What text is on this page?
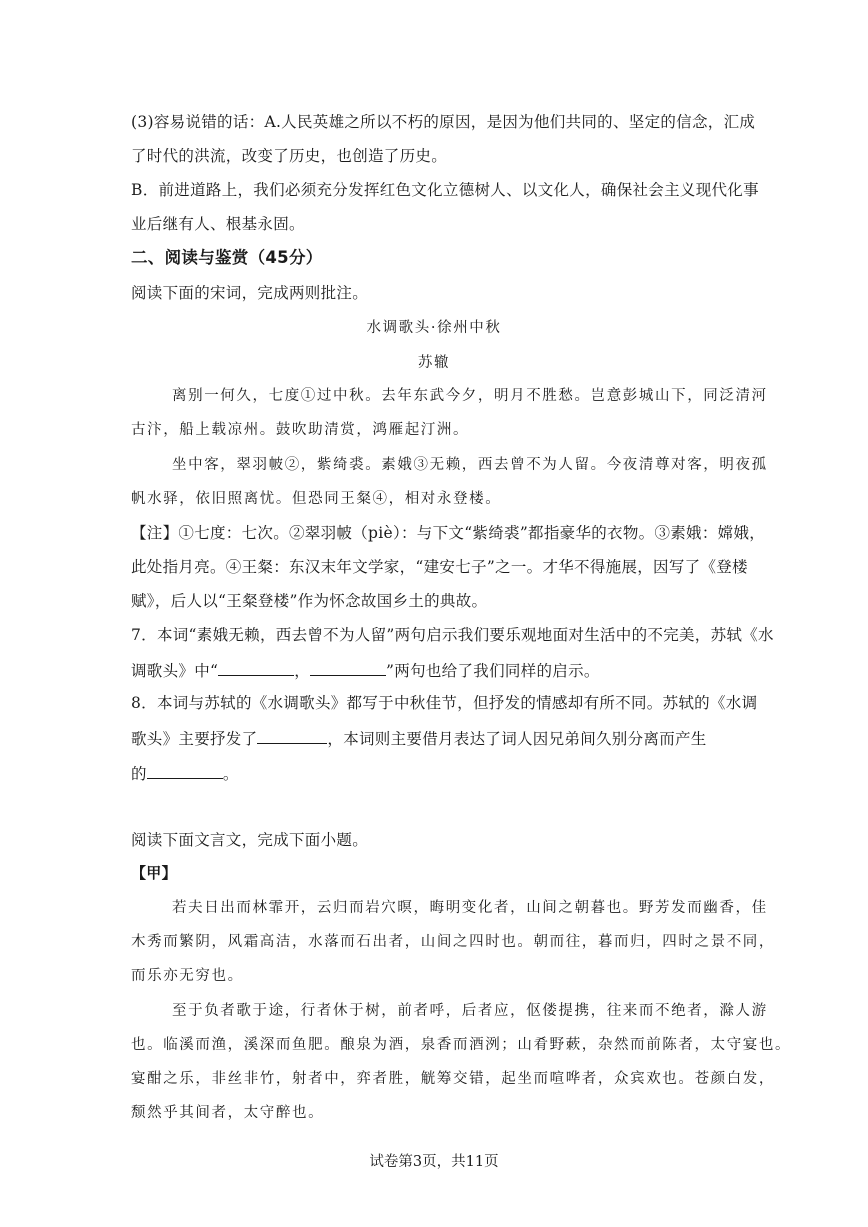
(3)容易说错的话：A.人民英雄之所以不朽的原因，是因为他们共同的、坚定的信念，汇成
了时代的洪流，改变了历史，也创造了历史。
B．前进道路上，我们必须充分发挥红色文化立德树人、以文化人，确保社会主义现代化事
业后继有人、根基永固。
二、阅读与鉴赏（45分）
阅读下面的宋词，完成两则批注。
水调歌头·徐州中秋
苏辙
离别一何久，七度①过中秋。去年东武今夕，明月不胜愁。岂意彭城山下，同泛清河
古汴，船上载凉州。鼓吹助清赏，鸿雁起汀洲。
坐中客，翠羽帔②，紫绮裘。素娥③无赖，西去曾不为人留。今夜清尊对客，明夜孤
帆水驿，依旧照离忧。但恐同王粲④，相对永登楼。
【注】①七度：七次。②翠羽帔（piè）：与下文“紫绮裘”都指豪华的衣物。③素娥：嫦娥，
此处指月亮。④王粲：东汉末年文学家，“建安七子”之一。才华不得施展，因写了《登楼
赋》，后人以“王粲登楼”作为怀念故国乡土的典故。
7．本词“素娥无赖，西去曾不为人留”两句启示我们要乐观地面对生活中的不完美，苏轼《水
调歌头》中“	，	”两句也给了我们同样的启示。
8．本词与苏轼的《水调歌头》都写于中秋佳节，但抒发的情感却有所不同。苏轼的《水调
歌头》主要抒发了	，本词则主要借月表达了词人因兄弟间久别分离而产生
的	。
阅读下面文言文，完成下面小题。
【甲】
若夫日出而林霏开，云归而岩穴暝，晦明变化者，山间之朝暮也。野芳发而幽香，佳
木秀而繁阴，风霜高洁，水落而石出者，山间之四时也。朝而往，暮而归，四时之景不同，
而乐亦无穷也。
至于负者歌于途，行者休于树，前者呼，后者应，伛偻提携，往来而不绝者，滁人游
也。临溪而渔，溪深而鱼肥。酿泉为酒，泉香而酒洌；山肴野蔌，杂然而前陈者，太守宴也。
宴酣之乐，非丝非竹，射者中，弈者胜，觥筹交错，起坐而喧哗者，众宾欢也。苍颜白发，
颓然乎其间者，太守醉也。
试卷第3页，共11页
